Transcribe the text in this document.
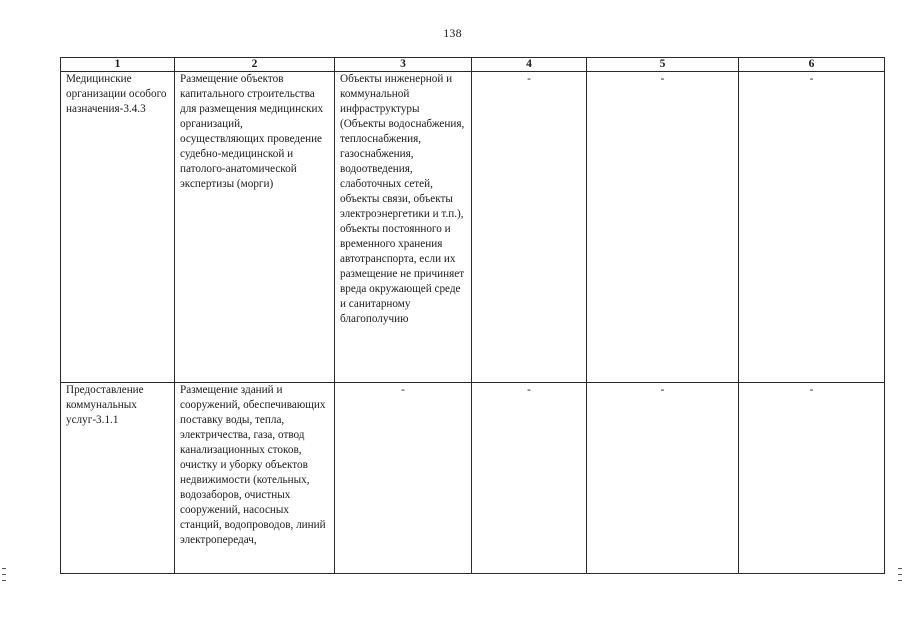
138
1	2	3	4	5	6

Медицинские организации особого назначения-3.4.3	Размещение объектов капитального строительства для размещения медицинских организаций, осуществляющих проведение судебно-медицинской и патолого-анатомической экспертизы (морги)	Объекты инженерной и коммунальной инфраструктуры (Объекты водоснабжения, теплоснабжения, газоснабжения, водоотведения, слаботочных сетей, объекты связи, объекты электроэнергетики и т.п.), объекты постоянного и временного хранения автотранспорта, если их размещение не причиняет вреда окружающей среде и санитарному благополучию	-	-	-

Предоставление коммунальных услуг-3.1.1	Размещение зданий и сооружений, обеспечивающих поставку воды, тепла, электричества, газа, отвод канализационных стоков, очистку и уборку объектов недвижимости (котельных, водозаборов, очистных сооружений, насосных станций, водопроводов, линий электропередач,	-	-	-	-
